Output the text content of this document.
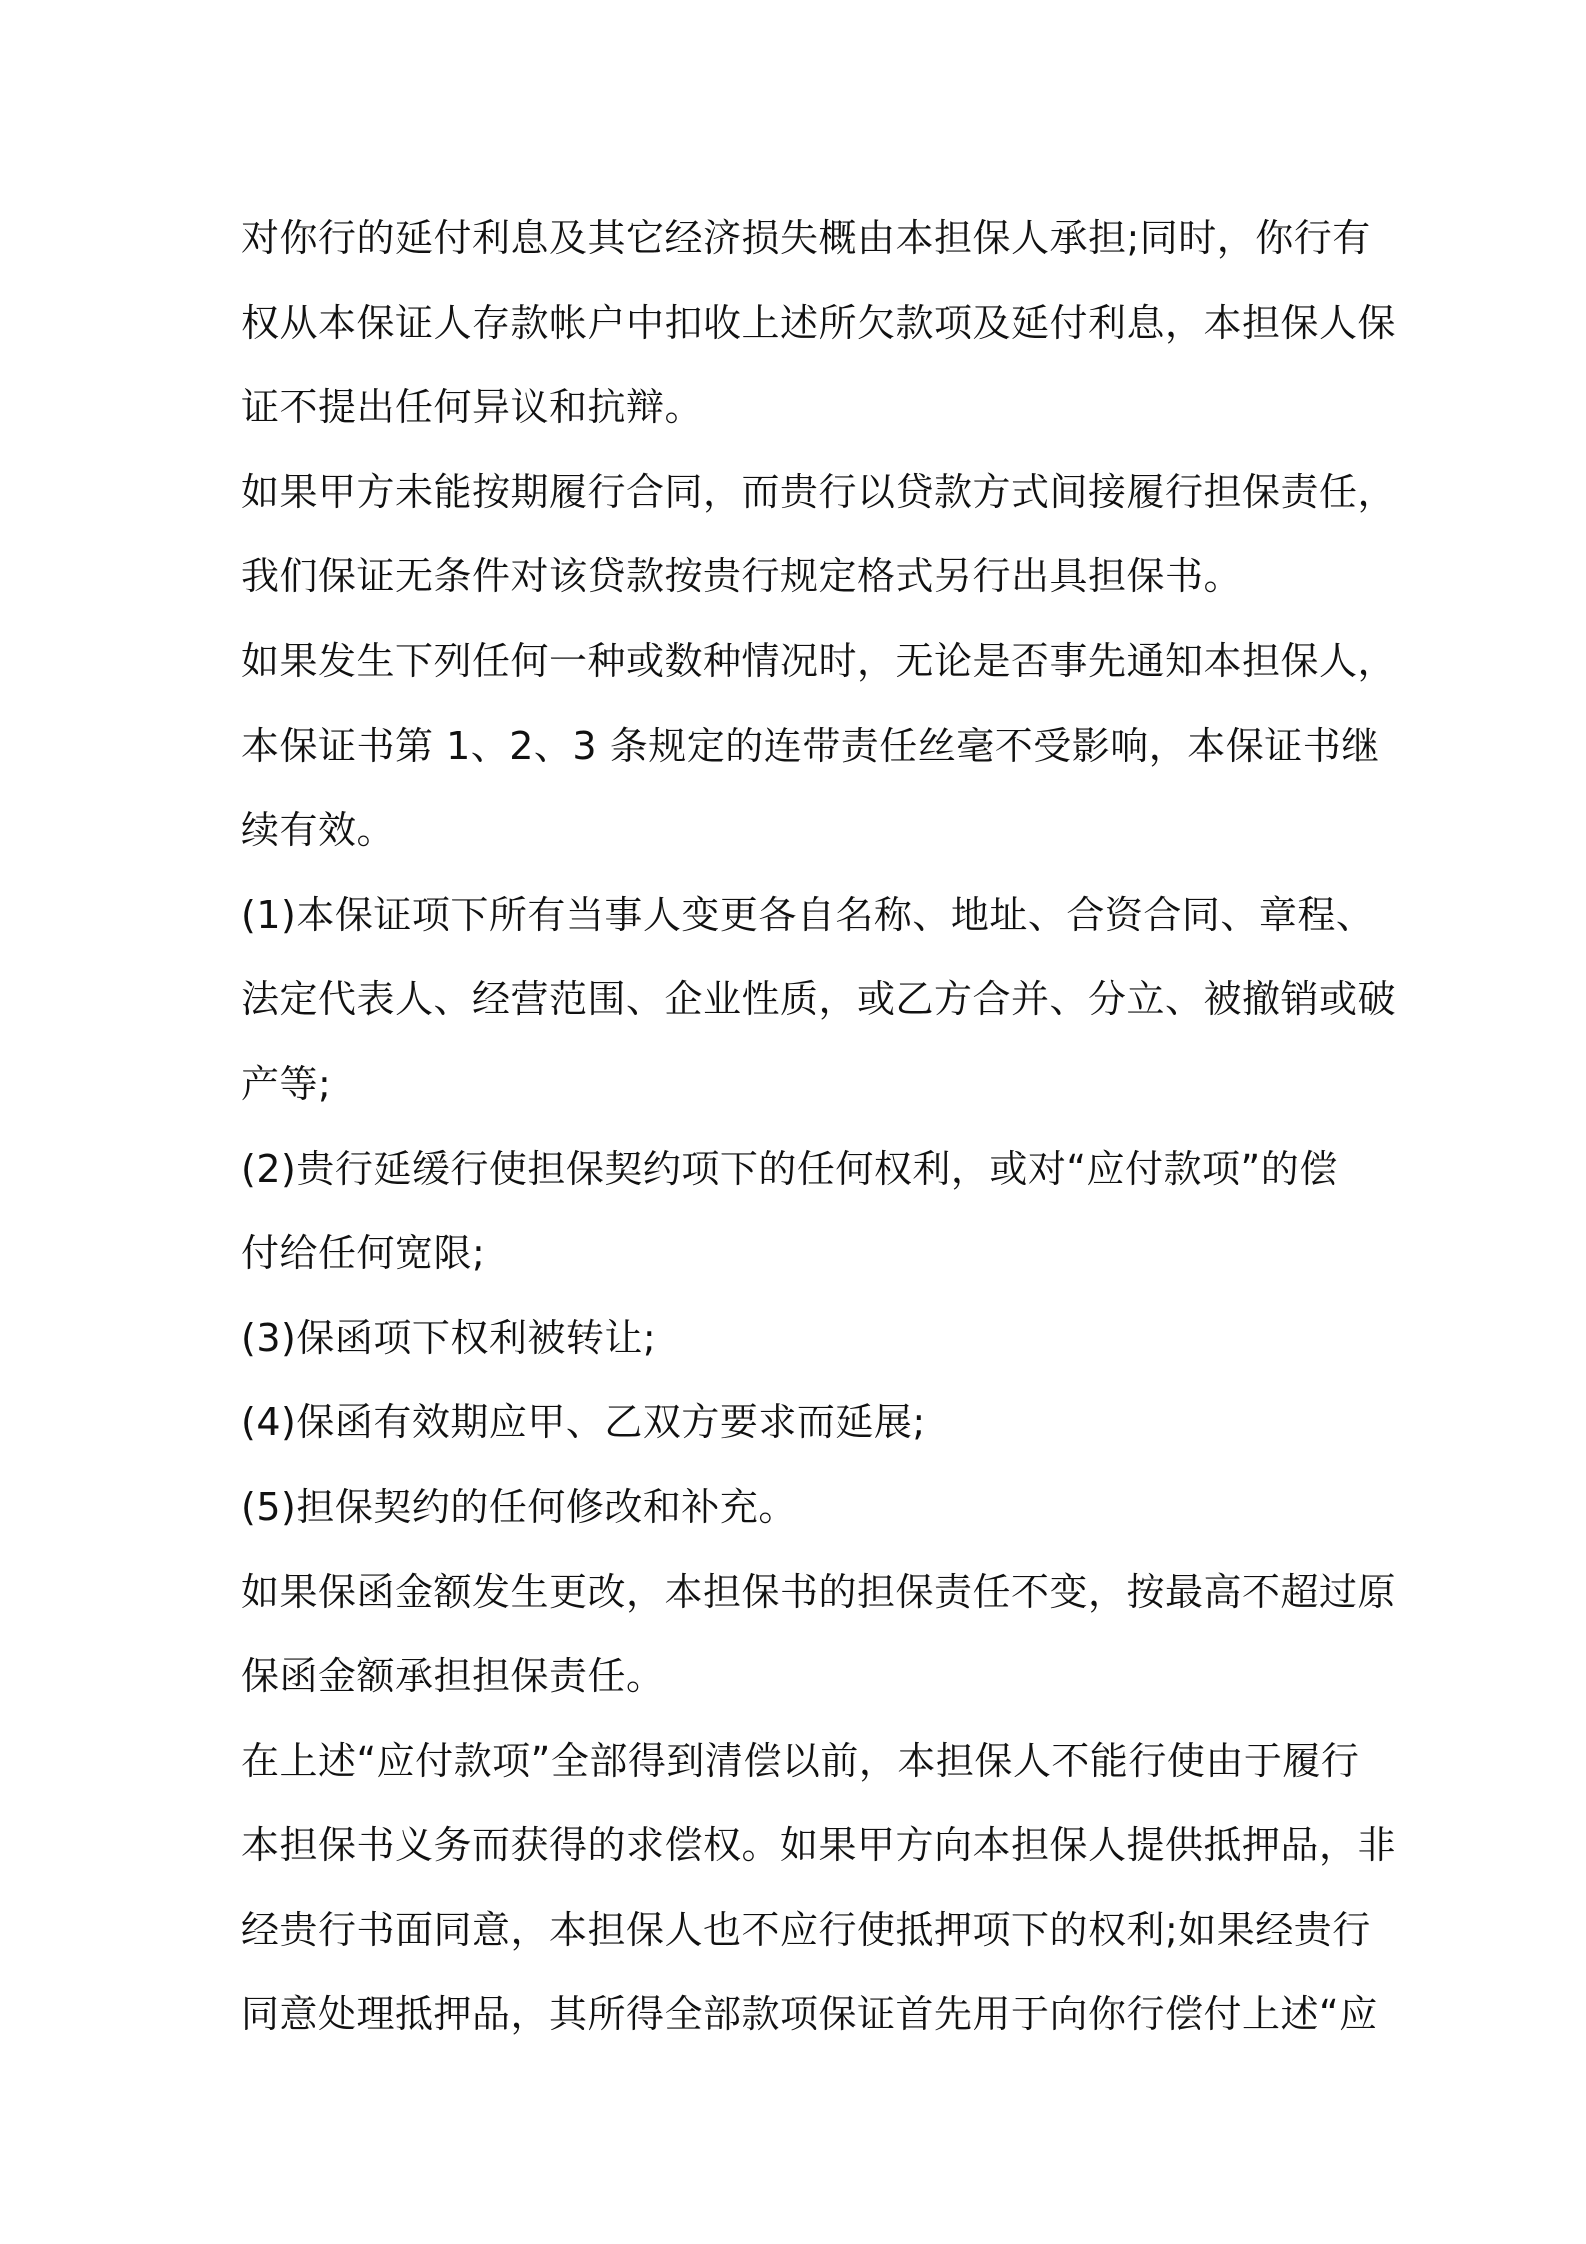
对你行的延付利息及其它经济损失概由本担保人承担;同时，你行有
权从本保证人存款帐户中扣收上述所欠款项及延付利息，本担保人保
证不提出任何异议和抗辩。
如果甲方未能按期履行合同，而贵行以贷款方式间接履行担保责任，
我们保证无条件对该贷款按贵行规定格式另行出具担保书。
如果发生下列任何一种或数种情况时，无论是否事先通知本担保人，
本保证书第 1、2、3 条规定的连带责任丝毫不受影响，本保证书继
续有效。
(1)本保证项下所有当事人变更各自名称、地址、合资合同、章程、
法定代表人、经营范围、企业性质，或乙方合并、分立、被撤销或破
产等;
(2)贵行延缓行使担保契约项下的任何权利，或对“应付款项”的偿
付给任何宽限;
(3)保函项下权利被转让;
(4)保函有效期应甲、乙双方要求而延展;
(5)担保契约的任何修改和补充。
如果保函金额发生更改，本担保书的担保责任不变，按最高不超过原
保函金额承担担保责任。
在上述“应付款项”全部得到清偿以前，本担保人不能行使由于履行
本担保书义务而获得的求偿权。如果甲方向本担保人提供抵押品，非
经贵行书面同意，本担保人也不应行使抵押项下的权利;如果经贵行
同意处理抵押品，其所得全部款项保证首先用于向你行偿付上述“应
